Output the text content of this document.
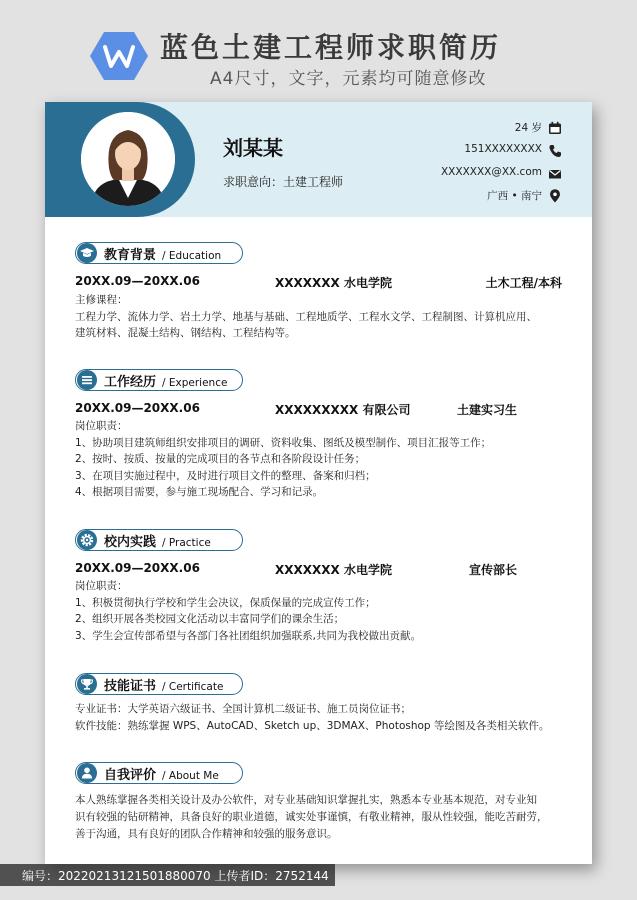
蓝色土建工程师求职简历
A4尺寸，文字，元素均可随意修改
刘某某
求职意向：土建工程师
24 岁
151XXXXXXXX
XXXXXXX@XX.com
广西 • 南宁
教育背景 / Education
20XX.09—20XX.06	XXXXXXX 水电学院	土木工程/本科
主修课程：
工程力学、流体力学、岩土力学、地基与基础、工程地质学、工程水文学、工程制图、计算机应用、
建筑材料、混凝土结构、钢结构、工程结构等。
工作经历 / Experience
20XX.09—20XX.06	XXXXXXXXX 有限公司	土建实习生
岗位职责：
1、协助项目建筑师组织安排项目的调研、资料收集、图纸及模型制作、项目汇报等工作；
2、按时、按质、按量的完成项目的各节点和各阶段设计任务；
3、在项目实施过程中，及时进行项目文件的整理、备案和归档；
4、根据项目需要，参与施工现场配合、学习和记录。
校内实践 / Practice
20XX.09—20XX.06	XXXXXXX 水电学院	宣传部长
岗位职责：
1、积极贯彻执行学校和学生会决议，保质保量的完成宣传工作；
2、组织开展各类校园文化活动以丰富同学们的课余生活；
3、学生会宣传部希望与各部门各社团组织加强联系,共同为我校做出贡献。
技能证书 / Certificate
专业证书：大学英语六级证书、全国计算机二级证书、施工员岗位证书；
软件技能：熟练掌握 WPS、AutoCAD、Sketch up、3DMAX、Photoshop 等绘图及各类相关软件。
自我评价 / About Me
本人熟练掌握各类相关设计及办公软件，对专业基础知识掌握扎实，熟悉本专业基本规范，对专业知
识有较强的钻研精神，具备良好的职业道德，诚实处事谨慎，有敬业精神，服从性较强，能吃苦耐劳，
善于沟通，具有良好的团队合作精神和较强的服务意识。
编号：20220213121501880070 上传者ID：2752144
